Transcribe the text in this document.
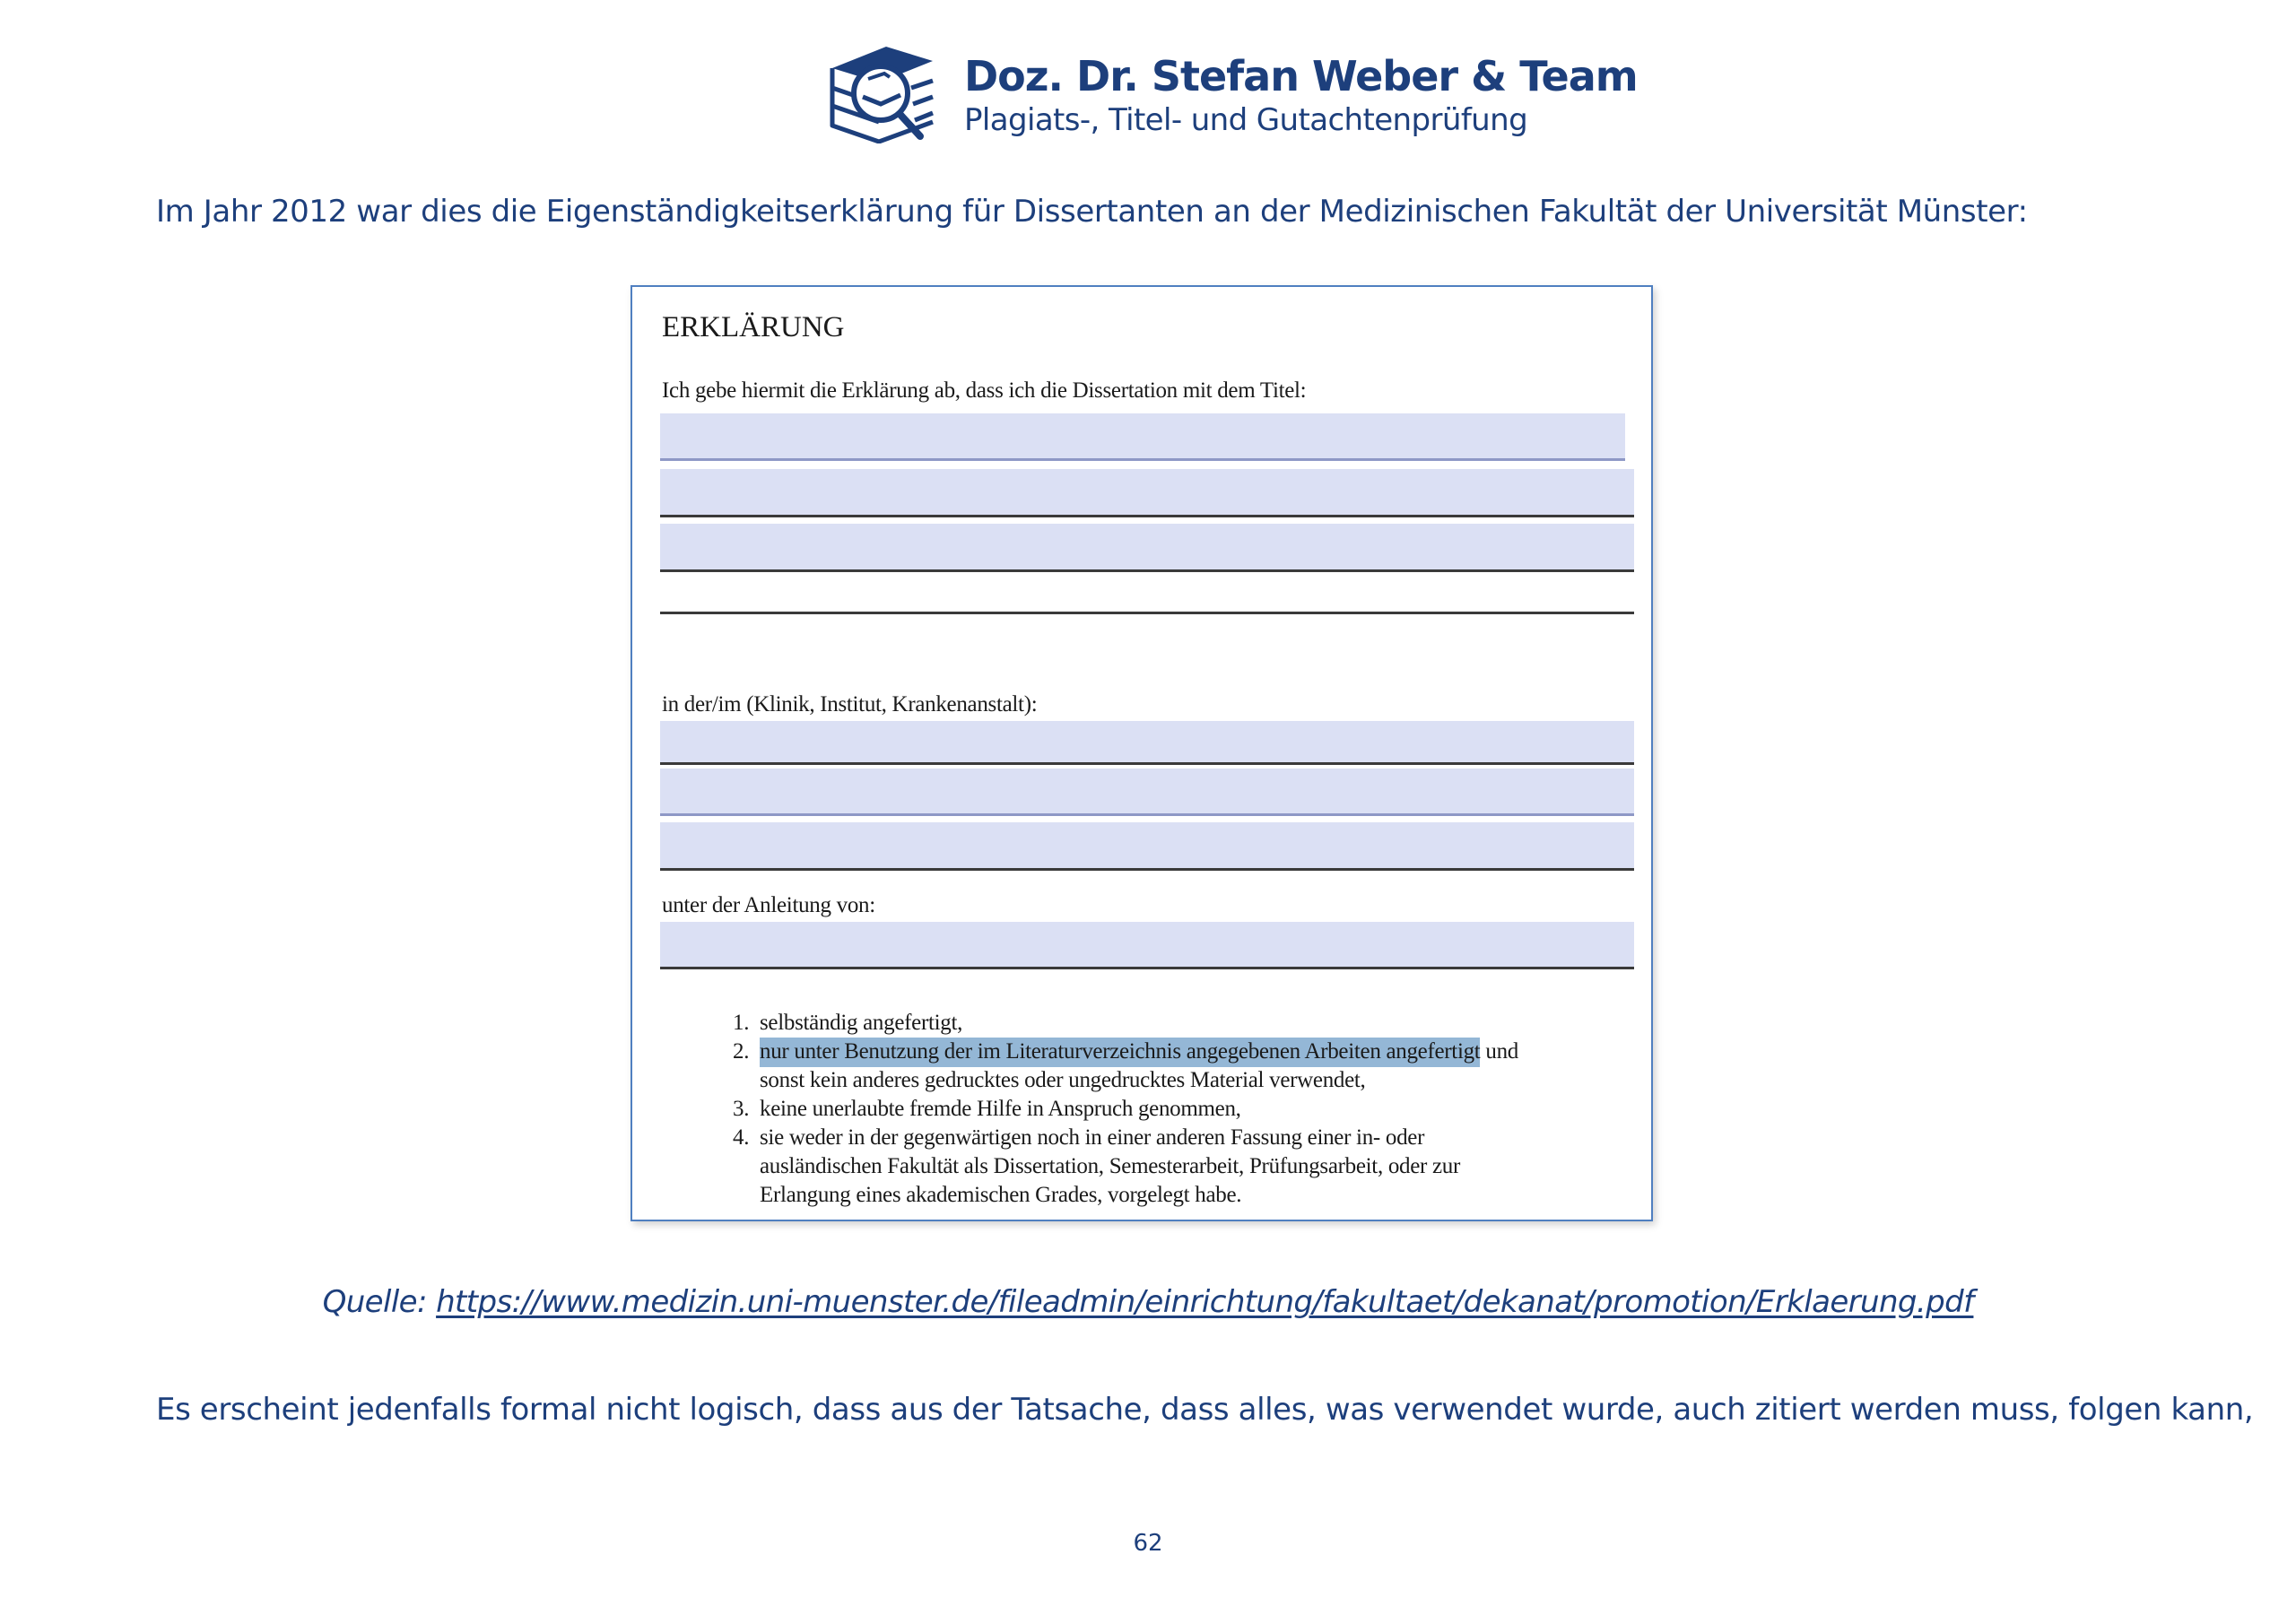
Doz. Dr. Stefan Weber & Team
Plagiats-, Titel- und Gutachtenprüfung
Im Jahr 2012 war dies die Eigenständigkeitserklärung für Dissertanten an der Medizinischen Fakultät der Universität Münster:
ERKLÄRUNG
Ich gebe hiermit die Erklärung ab, dass ich die Dissertation mit dem Titel:
in der/im (Klinik, Institut, Krankenanstalt):
unter der Anleitung von:
1. selbständig angefertigt,
2. nur unter Benutzung der im Literaturverzeichnis angegebenen Arbeiten angefertigt und
sonst kein anderes gedrucktes oder ungedrucktes Material verwendet,
3. keine unerlaubte fremde Hilfe in Anspruch genommen,
4. sie weder in der gegenwärtigen noch in einer anderen Fassung einer in- oder
ausländischen Fakultät als Dissertation, Semesterarbeit, Prüfungsarbeit, oder zur
Erlangung eines akademischen Grades, vorgelegt habe.
Quelle: https://www.medizin.uni-muenster.de/fileadmin/einrichtung/fakultaet/dekanat/promotion/Erklaerung.pdf
Es erscheint jedenfalls formal nicht logisch, dass aus der Tatsache, dass alles, was verwendet wurde, auch zitiert werden muss, folgen kann,
62
